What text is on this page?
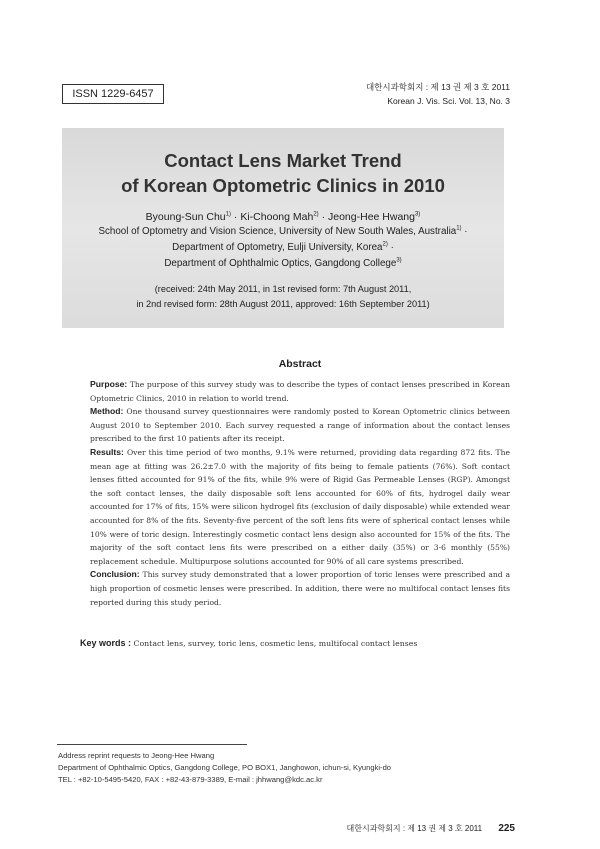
ISSN 1229-6457
대한시과학회지 : 제 13 권 제 3 호 2011
Korean J. Vis. Sci. Vol. 13, No. 3
Contact Lens Market Trend
of Korean Optometric Clinics in 2010
Byoung-Sun Chu$^{1)}$ · Ki-Choong Mah$^{2)}$ · Jeong-Hee Hwang$^{3)}$
School of Optometry and Vision Science, University of New South Wales, Australia$^{1)}$ ·
Department of Optometry, Eulji University, Korea$^{2)}$ ·
Department of Ophthalmic Optics, Gangdong College$^{3)}$
(received: 24th May 2011, in 1st revised form: 7th August 2011,
in 2nd revised form: 28th August 2011, approved: 16th September 2011)
Abstract

Purpose: The purpose of this survey study was to describe the types of contact lenses prescribed in Korean Optometric Clinics, 2010 in relation to world trend.

Method: One thousand survey questionnaires were randomly posted to Korean Optometric clinics between August 2010 to September 2010. Each survey requested a range of information about the contact lenses prescribed to the first 10 patients after its receipt.

Results: Over this time period of two months, 9.1% were returned, providing data regarding 872 fits. The mean age at fitting was 26.2±7.0 with the majority of fits being to female patients (76%). Soft contact lenses fitted accounted for 91% of the fits, while 9% were of Rigid Gas Permeable Lenses (RGP). Amongst the soft contact lenses, the daily disposable soft lens accounted for 60% of fits, hydrogel daily wear accounted for 17% of fits, 15% were silicon hydrogel fits (exclusion of daily disposable) while extended wear accounted for 8% of the fits. Seventy-five percent of the soft lens fits were of spherical contact lenses while 10% were of toric design. Interestingly cosmetic contact lens design also accounted for 15% of the fits. The majority of the soft contact lens fits were prescribed on a either daily (35%) or 3-6 monthly (55%) replacement schedule. Multipurpose solutions accounted for 90% of all care systems prescribed.

Conclusion: This survey study demonstrated that a lower proportion of toric lenses were prescribed and a high proportion of cosmetic lenses were prescribed. In addition, there were no multifocal contact lenses fits reported during this study period.

Key words : Contact lens, survey, toric lens, cosmetic lens, multifocal contact lenses
Address reprint requests to Jeong-Hee Hwang
Department of Ophthalmic Optics, Gangdong College, PO BOX1, Janghowon, ichun-si, Kyungki-do
TEL : +82-10-5495-5420, FAX : +82-43-879-3389, E-mail : jhhwang@kdc.ac.kr
대한시과학회지 : 제 13 권 제 3 호 2011 225
